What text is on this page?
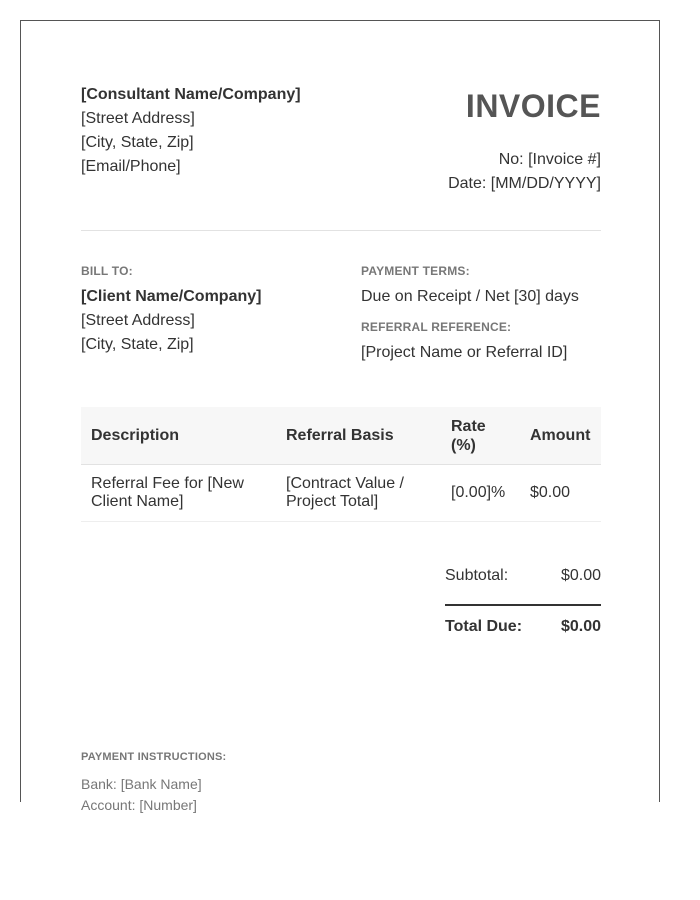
[Consultant Name/Company]
[Street Address]
[City, State, Zip]
[Email/Phone]
INVOICE
No: [Invoice #]
Date: [MM/DD/YYYY]
BILL TO:
[Client Name/Company]
[Street Address]
[City, State, Zip]
PAYMENT TERMS:
Due on Receipt / Net [30] days
REFERRAL REFERENCE:
[Project Name or Referral ID]
Description	Referral Basis	Rate (%)	Amount
Referral Fee for [New Client Name]	[Contract Value / Project Total]	[0.00]%	$0.00
Subtotal:	$0.00
Total Due: $0.00
PAYMENT INSTRUCTIONS:
Bank: [Bank Name]
Account: [Number]
